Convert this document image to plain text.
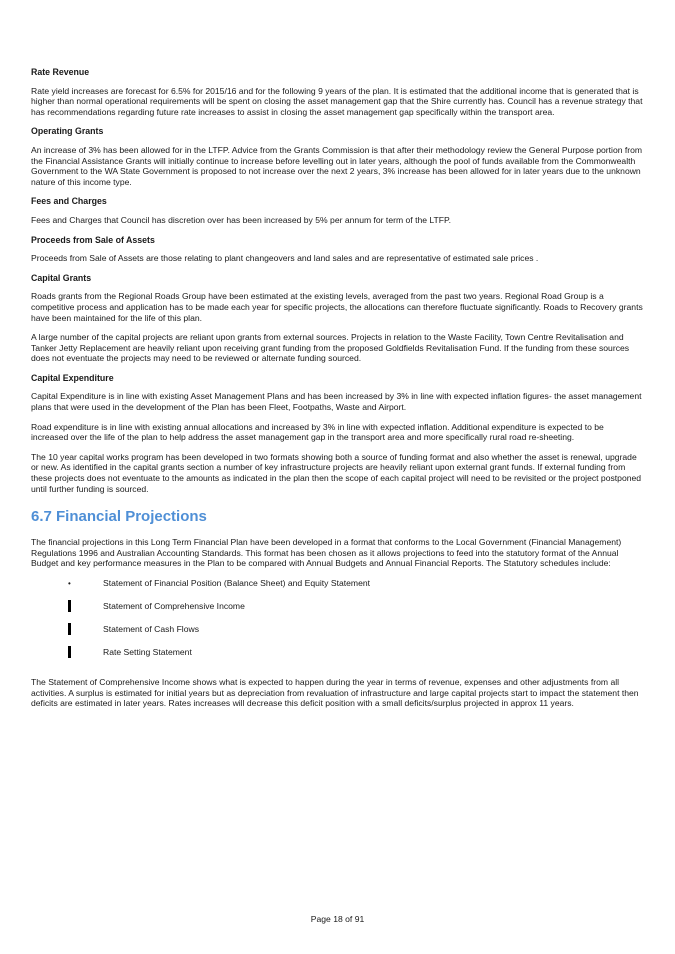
Rate Revenue

Rate yield increases are forecast for 6.5% for 2015/16 and for the following 9 years of the plan. It is estimated that the additional income that is generated that is higher than normal operational requirements will be spent on closing the asset management gap that the Shire currently has. Council has a revenue strategy that has recommendations regarding future rate increases to assist in closing the asset management gap specifically within the transport area.

Operating Grants

An increase of 3% has been allowed for in the LTFP. Advice from the Grants Commission is that after their methodology review the General Purpose portion from the Financial Assistance Grants will initially continue to increase before levelling out in later years, although the pool of funds available from the Commonwealth Government to the WA State Government is proposed to not increase over the next 2 years, 3% increase has been allowed for in later years due to the unknown nature of this income type.

Fees and Charges

Fees and Charges that Council has discretion over has been increased by 5% per annum for term of the LTFP.

Proceeds from Sale of Assets

Proceeds from Sale of Assets are those relating to plant changeovers and land sales and are representative of estimated sale prices .

Capital Grants

Roads grants from the Regional Roads Group have been estimated at the existing levels, averaged from the past two years. Regional Road Group is a competitive process and application has to be made each year for specific projects, the allocations can therefore fluctuate significantly. Roads to Recovery grants have been maintained for the life of this plan.

A large number of the capital projects are reliant upon grants from external sources. Projects in relation to the Waste Facility, Town Centre Revitalisation and Tanker Jetty Replacement are heavily reliant upon receiving grant funding from the proposed Goldfields Revitalisation Fund. If the funding from these sources does not eventuate the projects may need to be reviewed or alternate funding sourced.

Capital Expenditure

Capital Expenditure is in line with existing Asset Management Plans and has been increased by 3% in line with expected inflation figures- the asset management plans that were used in the development of the Plan has been Fleet, Footpaths, Waste and Airport.

Road expenditure is in line with existing annual allocations and increased by 3% in line with expected inflation. Additional expenditure is expected to be increased over the life of the plan to help address the asset management gap in the transport area and more specifically rural road re-sheeting.

The 10 year capital works program has been developed in two formats showing both a source of funding format and also whether the asset is renewal, upgrade or new. As identified in the capital grants section a number of key infrastructure projects are heavily reliant upon external grant funds. If external funding from these projects does not eventuate to the amounts as indicated in the plan then the scope of each capital project will need to be revisited or the project postponed until further funding is sourced.

6.7 Financial Projections

The financial projections in this Long Term Financial Plan have been developed in a format that conforms to the Local Government (Financial Management) Regulations 1996 and Australian Accounting Standards. This format has been chosen as it allows projections to feed into the statutory format of the Annual Budget and key performance measures in the Plan to be compared with Annual Budgets and Annual Financial Reports. The Statutory schedules include:

•	Statement of Financial Position (Balance Sheet) and Equity Statement
Statement of Comprehensive Income
Statement of Cash Flows
Rate Setting Statement

The Statement of Comprehensive Income shows what is expected to happen during the year in terms of revenue, expenses and other adjustments from all activities. A surplus is estimated for initial years but as depreciation from revaluation of infrastructure and large capital projects start to impact the statement then deficits are estimated in later years. Rates increases will decrease this deficit position with a small deficits/surplus projected in approx 11 years.

Page 18 of 91
